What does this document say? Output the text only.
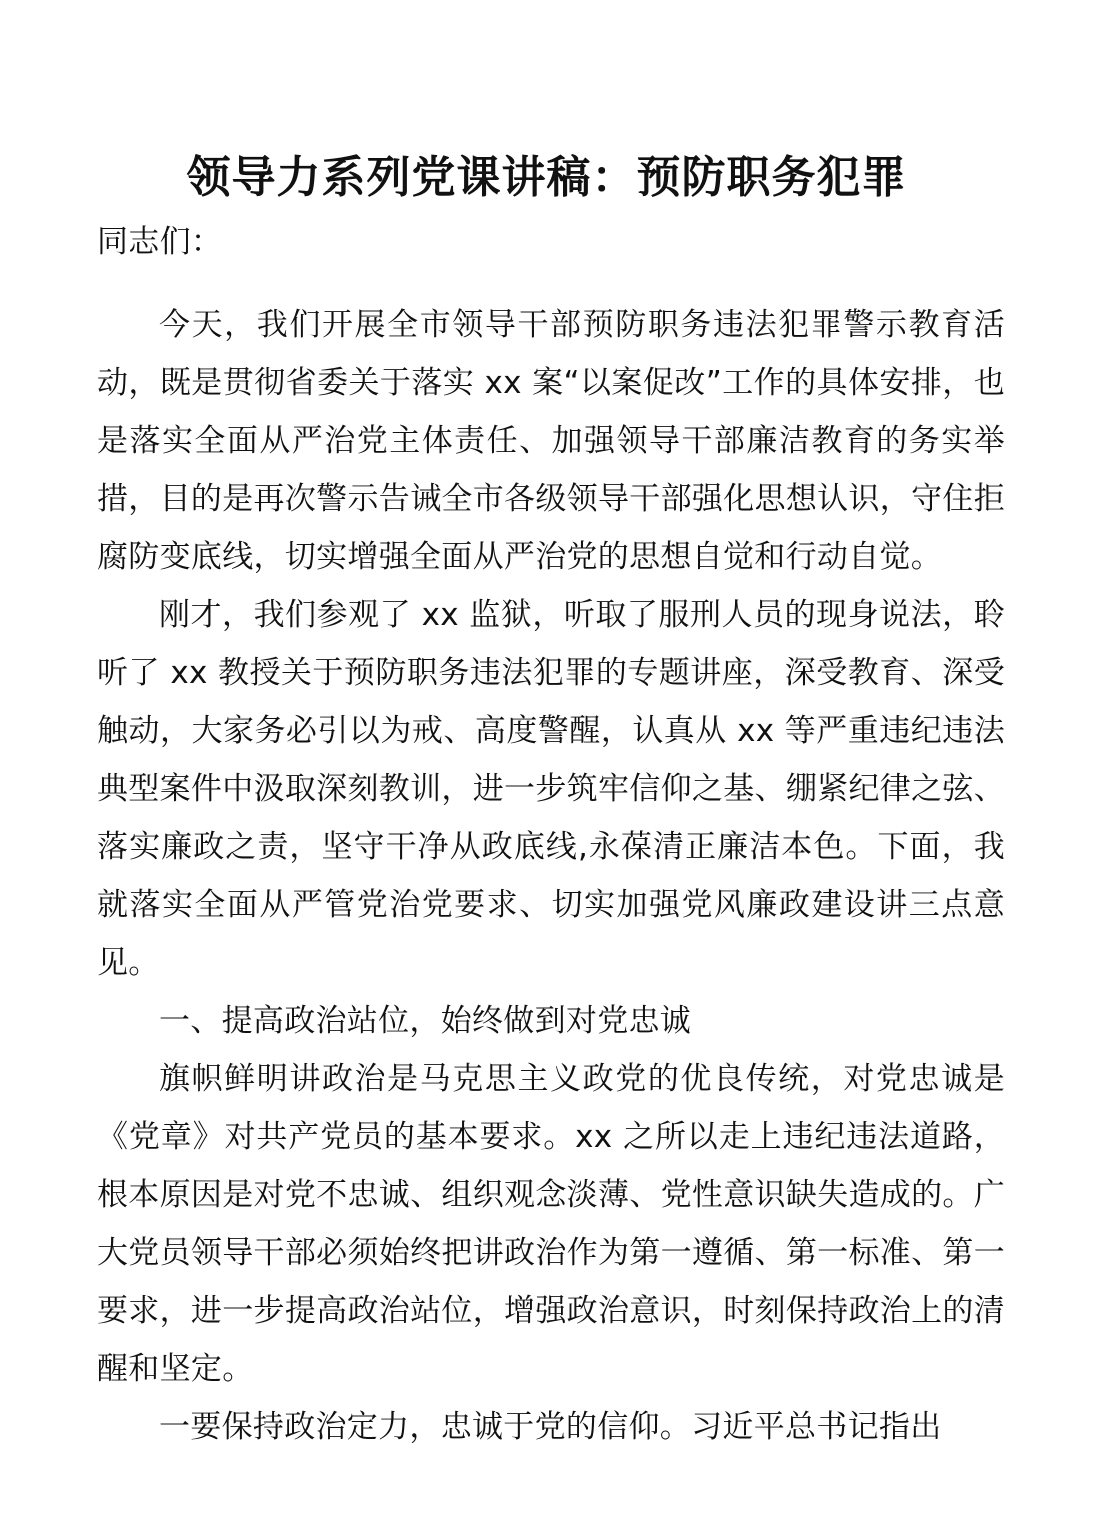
领导力系列党课讲稿：预防职务犯罪

同志们：

今天，我们开展全市领导干部预防职务违法犯罪警示教育活动，既是贯彻省委关于落实 xx 案“以案促改”工作的具体安排，也是落实全面从严治党主体责任、加强领导干部廉洁教育的务实举措，目的是再次警示告诫全市各级领导干部强化思想认识，守住拒腐防变底线，切实增强全面从严治党的思想自觉和行动自觉。

刚才，我们参观了 xx 监狱，听取了服刑人员的现身说法，聆听了 xx 教授关于预防职务违法犯罪的专题讲座，深受教育、深受触动，大家务必引以为戒、高度警醒，认真从 xx 等严重违纪违法典型案件中汲取深刻教训，进一步筑牢信仰之基、绷紧纪律之弦、落实廉政之责，坚守干净从政底线,永葆清正廉洁本色。下面，我就落实全面从严管党治党要求、切实加强党风廉政建设讲三点意见。

一、提高政治站位，始终做到对党忠诚

旗帜鲜明讲政治是马克思主义政党的优良传统，对党忠诚是《党章》对共产党员的基本要求。xx 之所以走上违纪违法道路，根本原因是对党不忠诚、组织观念淡薄、党性意识缺失造成的。广大党员领导干部必须始终把讲政治作为第一遵循、第一标准、第一要求，进一步提高政治站位，增强政治意识，时刻保持政治上的清醒和坚定。

一要保持政治定力，忠诚于党的信仰。习近平总书记指出
